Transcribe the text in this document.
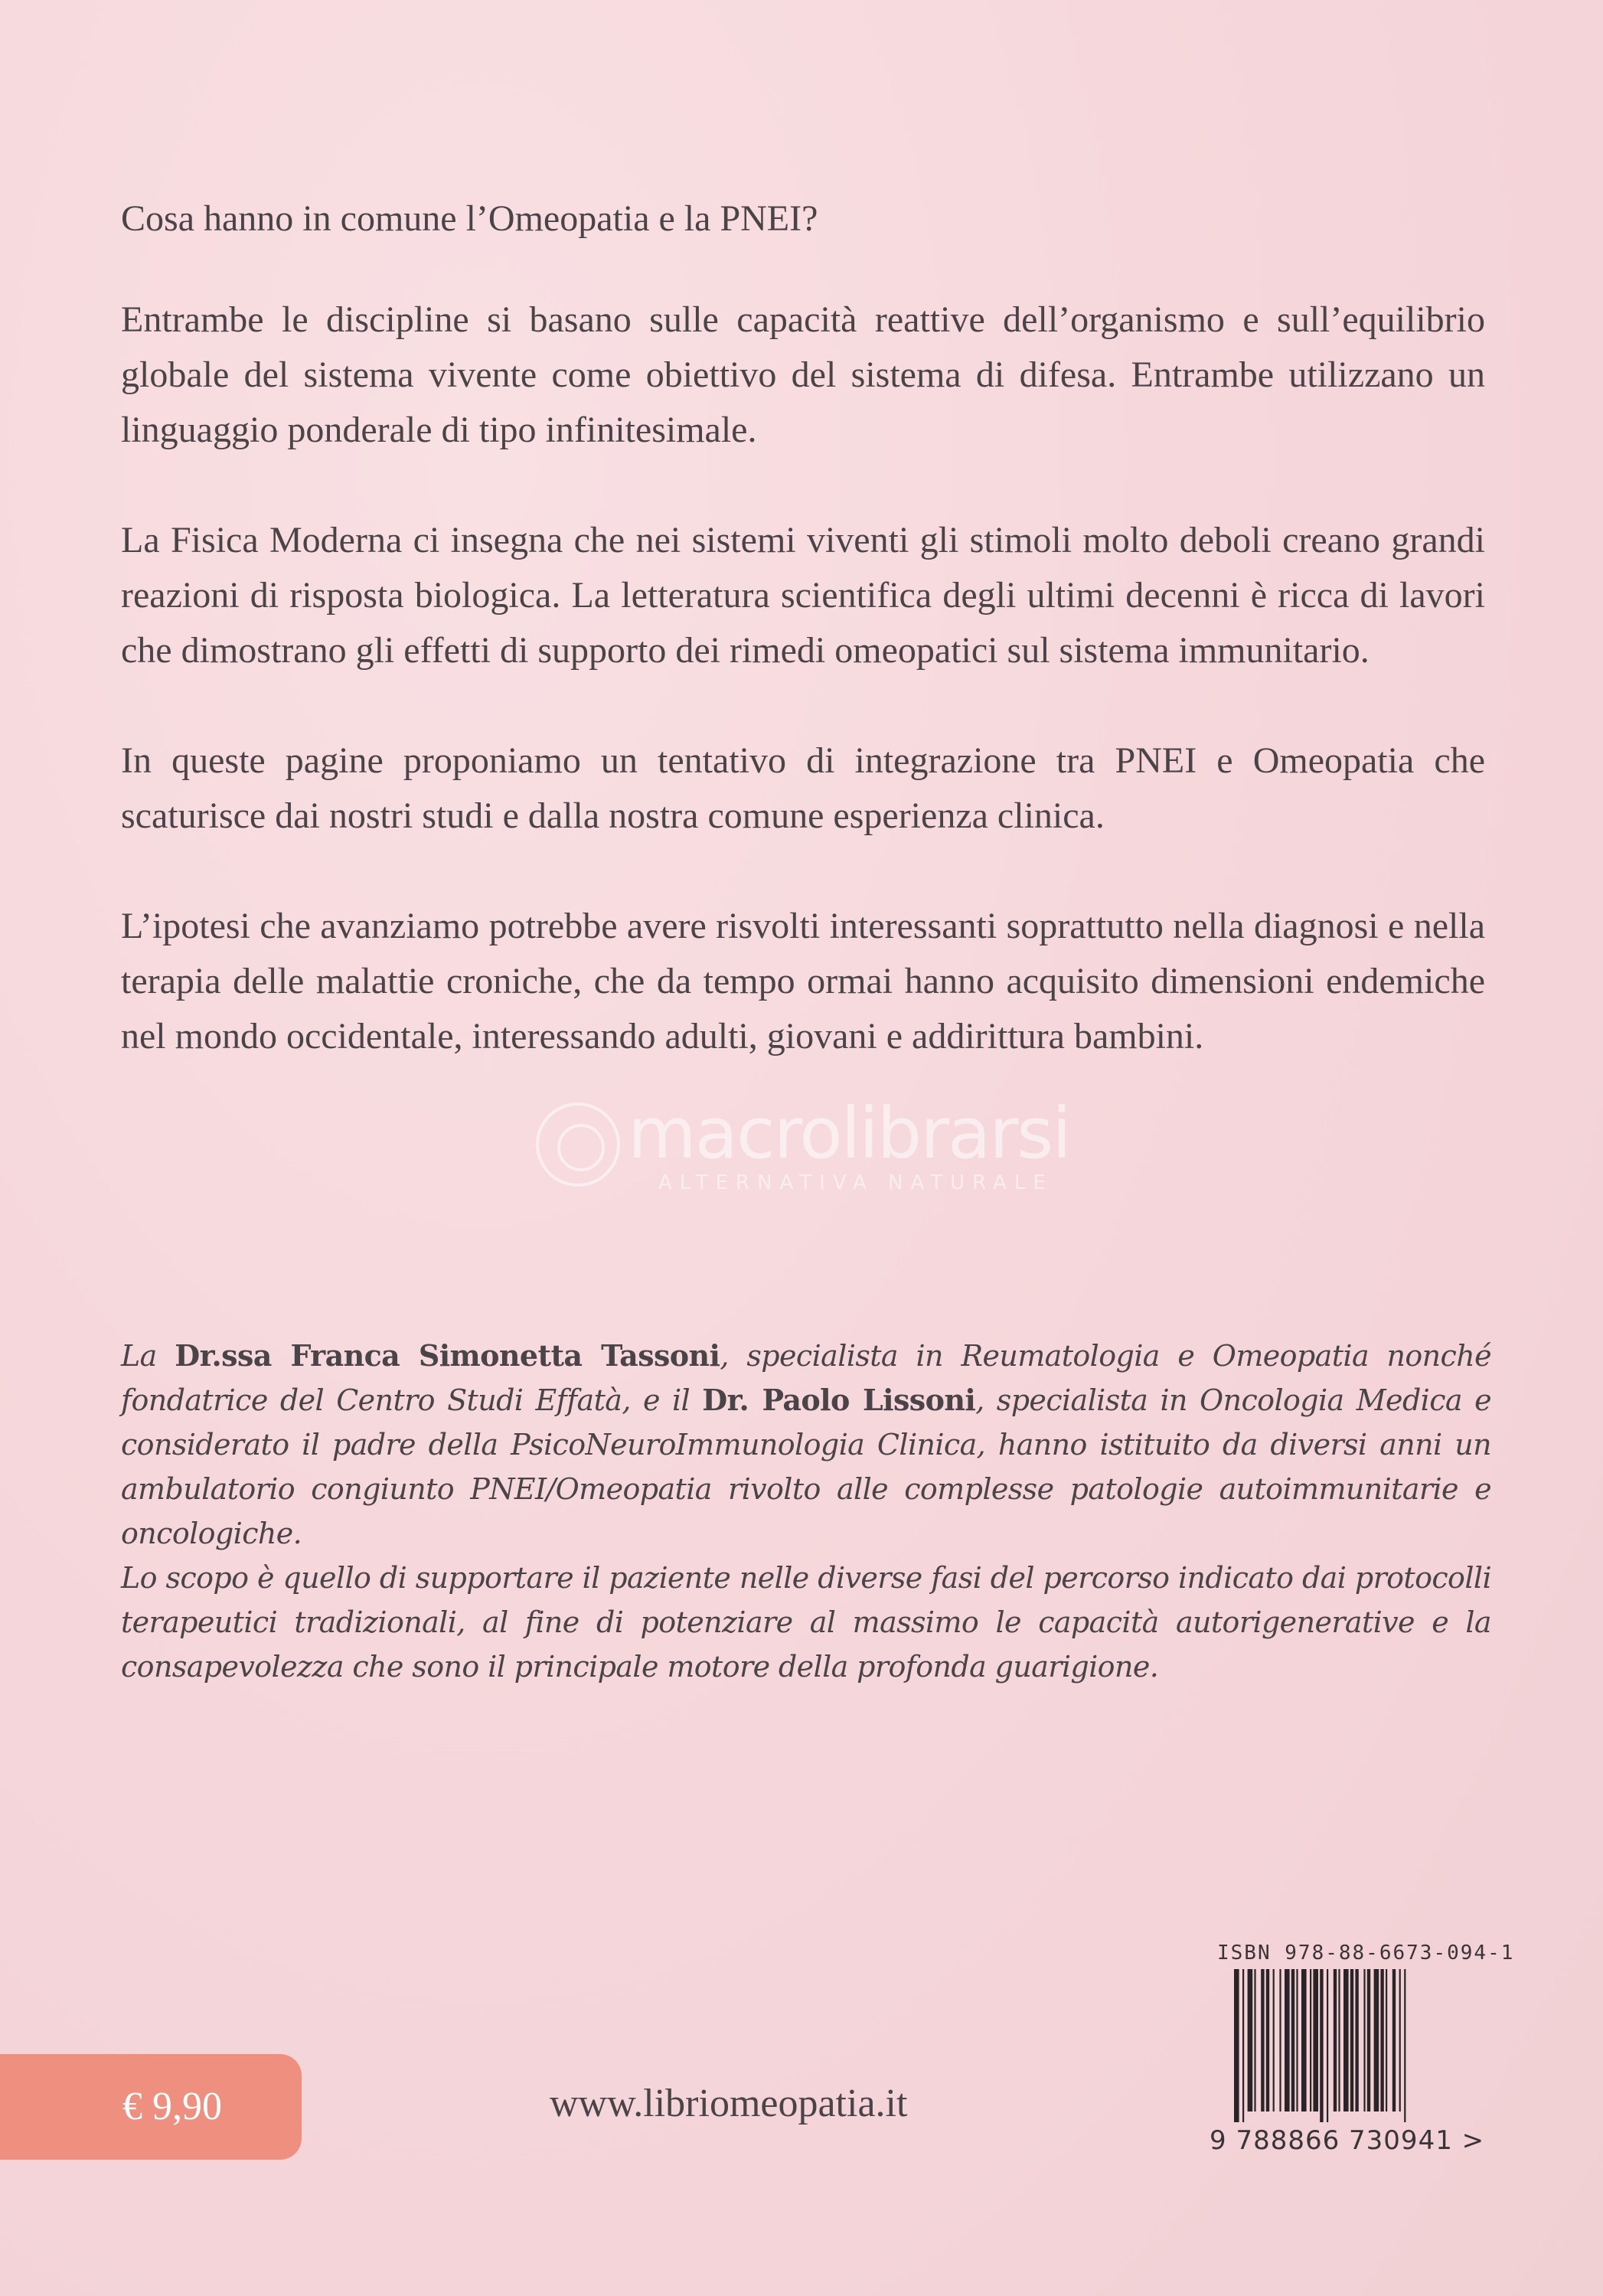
Cosa hanno in comune l’Omeopatia e la PNEI?

Entrambe le discipline si basano sulle capacità reattive dell’organismo e sull’equilibrio globale del sistema vivente come obiettivo del sistema di difesa. Entrambe utilizzano un linguaggio ponderale di tipo infinitesimale.

La Fisica Moderna ci insegna che nei sistemi viventi gli stimoli molto deboli creano grandi reazioni di risposta biologica. La letteratura scientifica degli ultimi decenni è ricca di lavori che dimostrano gli effetti di supporto dei rimedi omeopatici sul sistema immunitario.

In queste pagine proponiamo un tentativo di integrazione tra PNEI e Omeopatia che scaturisce dai nostri studi e dalla nostra comune esperienza clinica.

L’ipotesi che avanziamo potrebbe avere risvolti interessanti soprattutto nella diagnosi e nella terapia delle malattie croniche, che da tempo ormai hanno acquisito dimensioni endemiche nel mondo occidentale, interessando adulti, giovani e addirittura bambini.

macrolibrarsi
ALTERNATIVA NATURALE

La Dr.ssa Franca Simonetta Tassoni, specialista in Reumatologia e Omeopatia nonché fondatrice del Centro Studi Effatà, e il Dr. Paolo Lissoni, specialista in Oncologia Medica e considerato il padre della PsicoNeuroImmunologia Clinica, hanno istituito da diversi anni un ambulatorio congiunto PNEI/Omeopatia rivolto alle complesse patologie autoimmunitarie e oncologiche.

Lo scopo è quello di supportare il paziente nelle diverse fasi del percorso indicato dai protocolli terapeutici tradizionali, al fine di potenziare al massimo le capacità autorigenerative e la consapevolezza che sono il principale motore della profonda guarigione.

ISBN 978-88-6673-094-1
9 788866 730941 >
€ 9,90	www.libriomeopatia.it
